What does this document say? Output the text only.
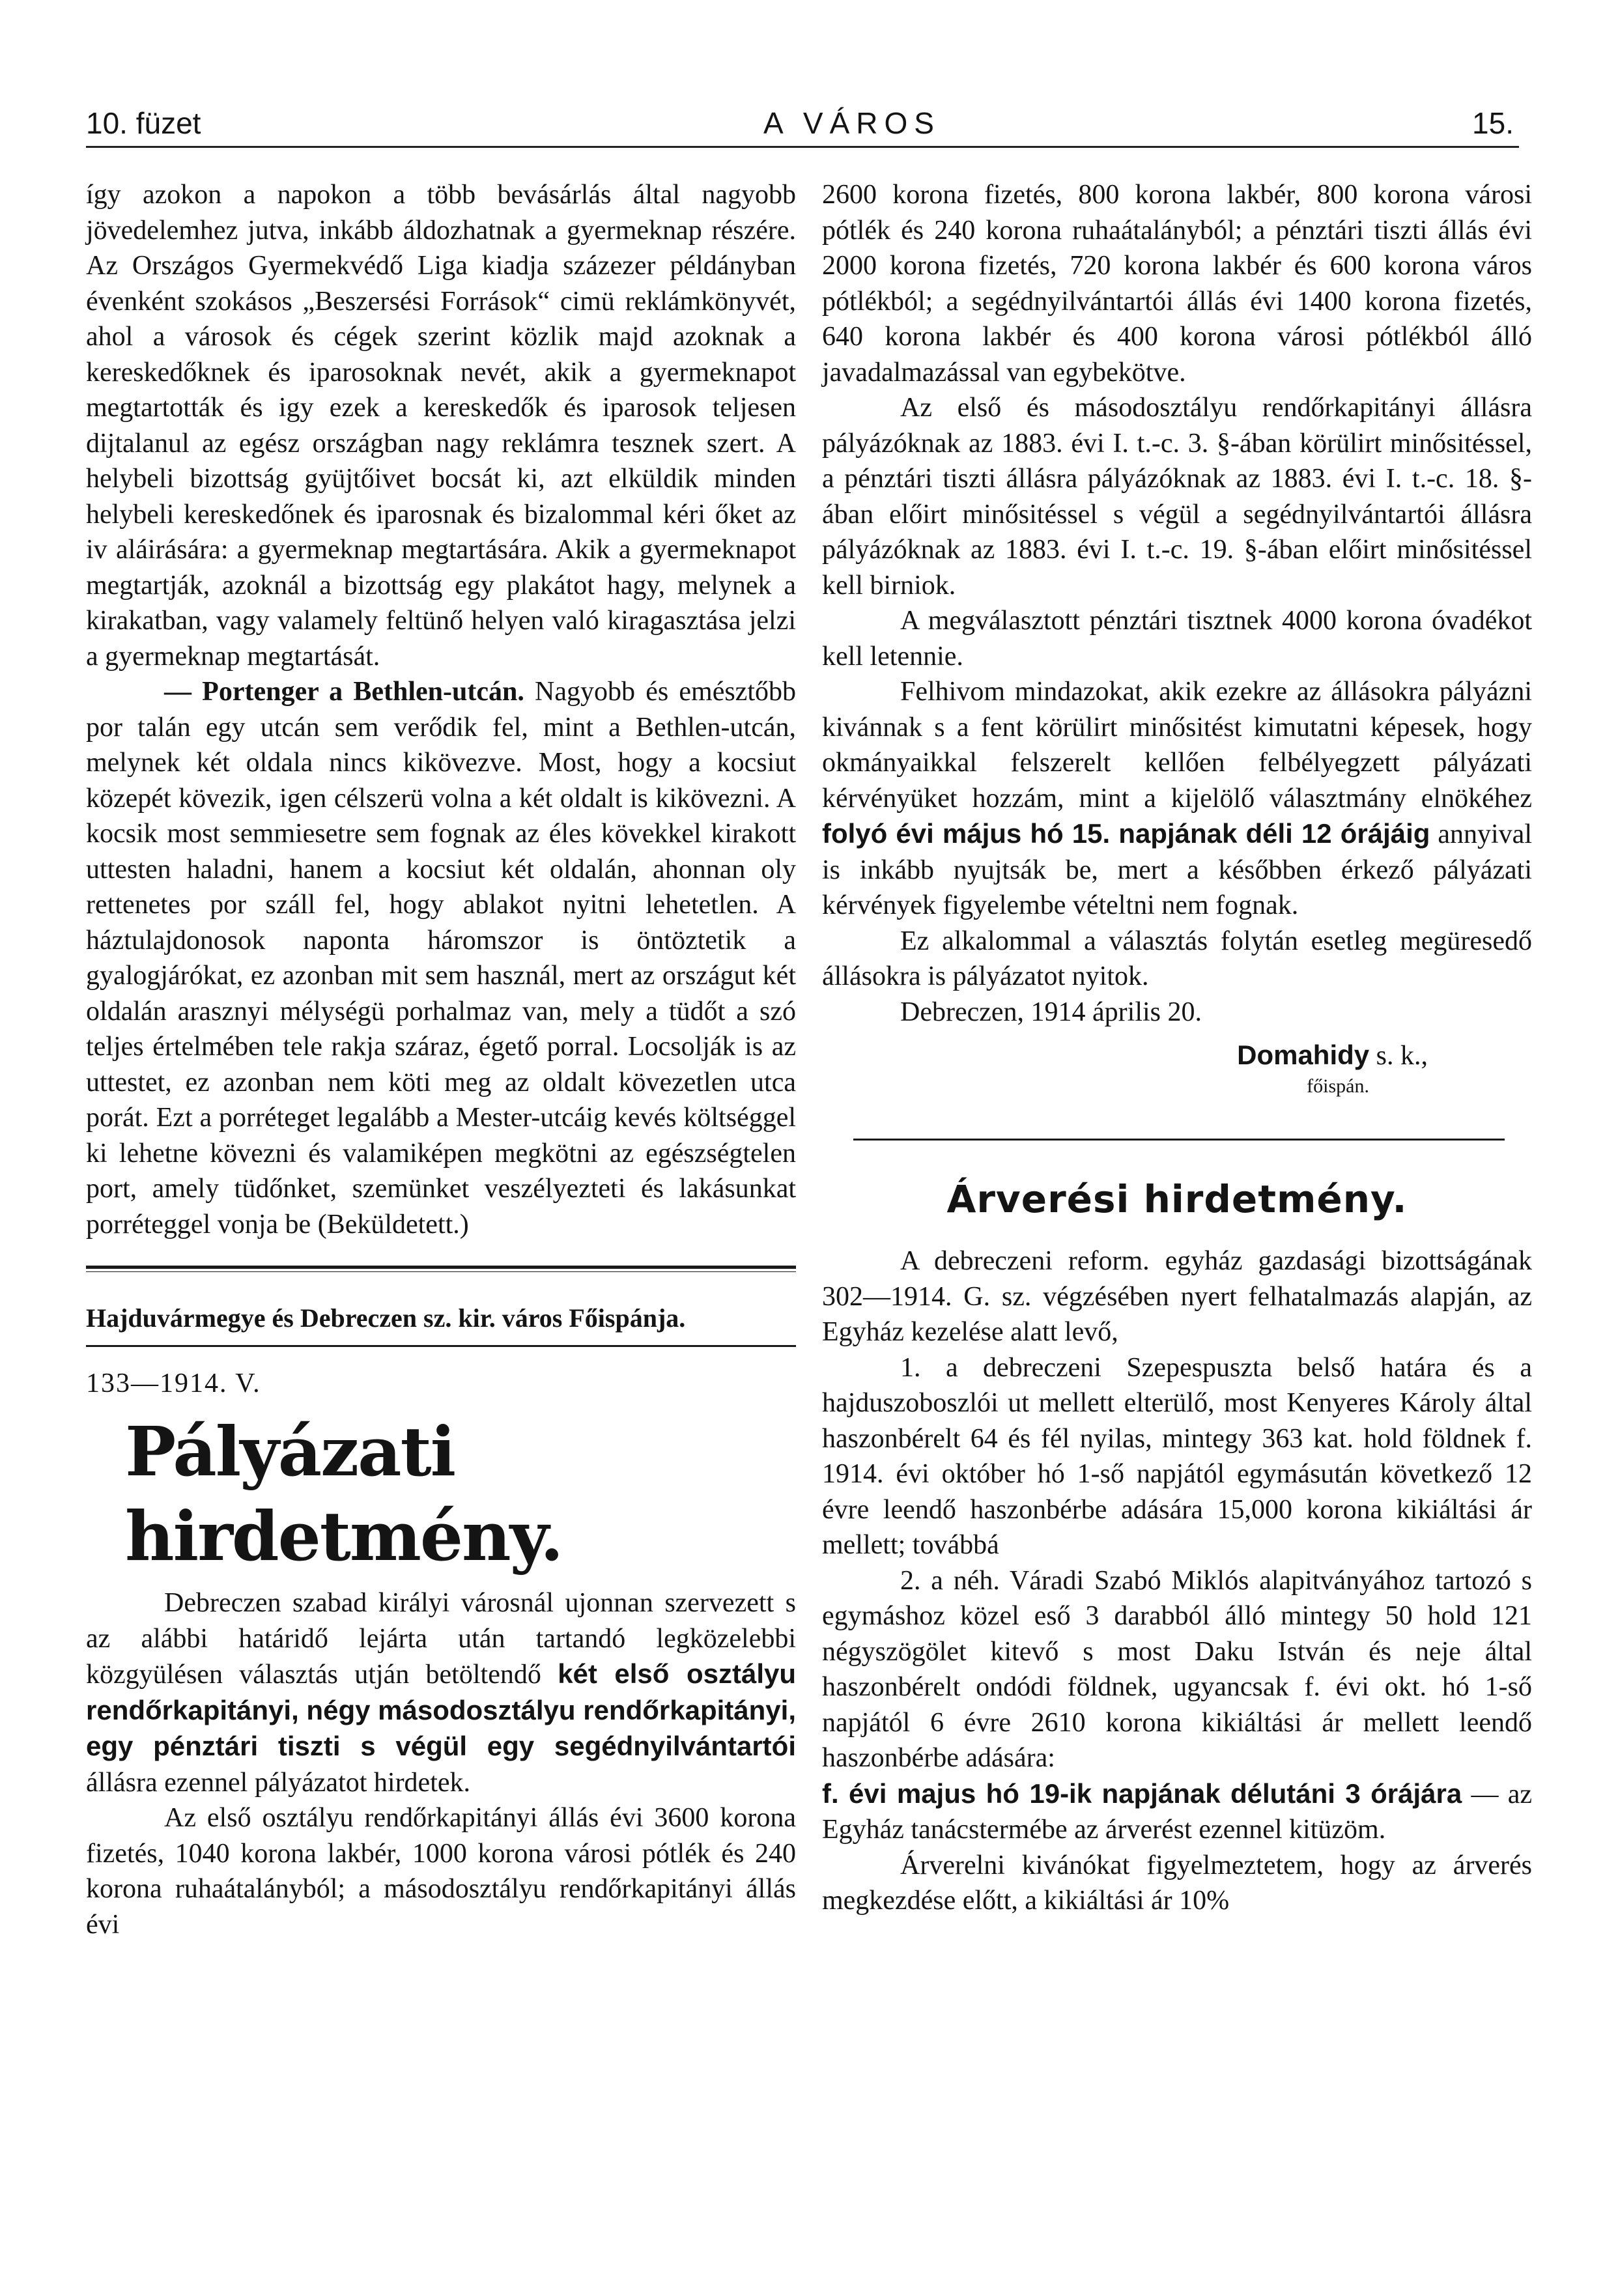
10. füzet	A VÁROS	15.

így azokon a napokon a több bevásárlás által nagyobb jövedelemhez jutva, inkább áldozhatnak a gyermeknap részére. Az Országos Gyermekvédő Liga kiadja százezer példányban évenként szokásos „Beszersési Források“ cimü reklámkönyvét, ahol a városok és cégek szerint közlik majd azoknak a kereskedőknek és iparosoknak nevét, akik a gyermeknapot megtartották és igy ezek a kereskedők és iparosok teljesen dijtalanul az egész országban nagy reklámra tesznek szert. A helybeli bizottság gyüjtőivet bocsát ki, azt elküldik minden helybeli kereskedőnek és iparosnak és bizalommal kéri őket az iv aláirására: a gyermeknap megtartására. Akik a gyermeknapot megtartják, azoknál a bizottság egy plakátot hagy, melynek a kirakatban, vagy valamely feltünő helyen való kiragasztása jelzi a gyermeknap megtartását.

— Portenger a Bethlen-utcán. Nagyobb és emésztőbb por talán egy utcán sem verődik fel, mint a Bethlen-utcán, melynek két oldala nincs kikövezve. Most, hogy a kocsiut közepét kövezik, igen célszerü volna a két oldalt is kikövezni. A kocsik most semmiesetre sem fognak az éles kövekkel kirakott uttesten haladni, hanem a kocsiut két oldalán, ahonnan oly rettenetes por száll fel, hogy ablakot nyitni lehetetlen. A háztulajdonosok naponta háromszor is öntöztetik a gyalogjárókat, ez azonban mit sem használ, mert az országut két oldalán arasznyi mélységü porhalmaz van, mely a tüdőt a szó teljes értelmében tele rakja száraz, égető porral. Locsolják is az uttestet, ez azonban nem köti meg az oldalt kövezetlen utca porát. Ezt a porréteget legalább a Mester-utcáig kevés költséggel ki lehetne kövezni és valamiképen megkötni az egészségtelen port, amely tüdőnket, szemünket veszélyezteti és lakásunkat porréteggel vonja be (Beküldetett.)

Hajduvármegye és Debreczen sz. kir. város Főispánja.
133—1914. V.
Pályázati hirdetmény.

Debreczen szabad királyi városnál ujonnan szervezett s az alábbi határidő lejárta után tartandó legközelebbi közgyülésen választás utján betöltendő két első osztályu rendőrkapitányi, négy másodosztályu rendőrkapitányi, egy pénztári tiszti s végül egy segédnyilvántartói állásra ezennel pályázatot hirdetek.

Az első osztályu rendőrkapitányi állás évi 3600 korona fizetés, 1040 korona lakbér, 1000 korona városi pótlék és 240 korona ruhaátalányból; a másodosztályu rendőrkapitányi állás évi

2600 korona fizetés, 800 korona lakbér, 800 korona városi pótlék és 240 korona ruhaátalányból; a pénztári tiszti állás évi 2000 korona fizetés, 720 korona lakbér és 600 korona város pótlékból; a segédnyilvántartói állás évi 1400 korona fizetés, 640 korona lakbér és 400 korona városi pótlékból álló javadalmazással van egybekötve.

Az első és másodosztályu rendőrkapitányi állásra pályázóknak az 1883. évi I. t.-c. 3. §-ában körülirt minősitéssel, a pénztári tiszti állásra pályázóknak az 1883. évi I. t.-c. 18. §-ában előirt minősitéssel s végül a segédnyilvántartói állásra pályázóknak az 1883. évi I. t.-c. 19. §-ában előirt minősitéssel kell birniok.

A megválasztott pénztári tisztnek 4000 korona óvadékot kell letennie.

Felhivom mindazokat, akik ezekre az állásokra pályázni kivánnak s a fent körülirt minősitést kimutatni képesek, hogy okmányaikkal felszerelt kellően felbélyegzett pályázati kérvényüket hozzám, mint a kijelölő választmány elnökéhez folyó évi május hó 15. napjának déli 12 órájáig annyival is inkább nyujtsák be, mert a későbben érkező pályázati kérvények figyelembe vételtni nem fognak.

Ez alkalommal a választás folytán esetleg megüresedő állásokra is pályázatot nyitok.

Debreczen, 1914 április 20.

Domahidy s. k.,
főispán.
Árverési hirdetmény.

A debreczeni reform. egyház gazdasági bizottságának 302—1914. G. sz. végzésében nyert felhatalmazás alapján, az Egyház kezelése alatt levő,

1. a debreczeni Szepespuszta belső határa és a hajduszoboszlói ut mellett elterülő, most Kenyeres Károly által haszonbérelt 64 és fél nyilas, mintegy 363 kat. hold földnek f. 1914. évi október hó 1-ső napjától egymásután következő 12 évre leendő haszonbérbe adására 15,000 korona kikiáltási ár mellett; továbbá

2. a néh. Váradi Szabó Miklós alapitványához tartozó s egymáshoz közel eső 3 darabból álló mintegy 50 hold 121 négyszögölet kitevő s most Daku István és neje által haszonbérelt ondódi földnek, ugyancsak f. évi okt. hó 1-ső napjától 6 évre 2610 korona kikiáltási ár mellett leendő haszonbérbe adására:

f. évi majus hó 19-ik napjának délutáni 3 órájára — az Egyház tanácstermébe az árverést ezennel kitüzöm.

Árverelni kivánókat figyelmeztetem, hogy az árverés megkezdése előtt, a kikiáltási ár 10%
